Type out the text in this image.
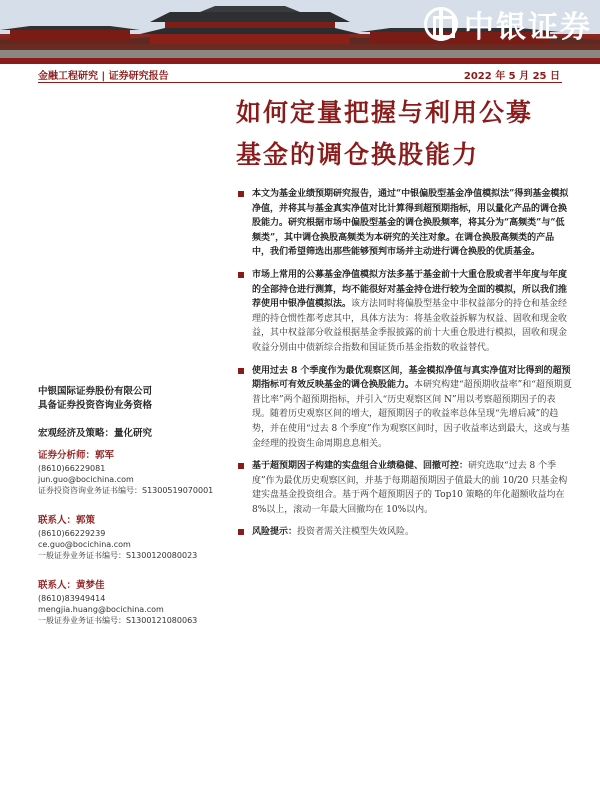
中银证券
金融工程研究 | 证券研究报告	2022 年 5 月 25 日
如何定量把握与利用公募
基金的调仓换股能力
本文为基金业绩预期研究报告，通过“中银偏股型基金净值模拟法”得到基金模拟净值，并将其与基金真实净值对比计算得到超预期指标，用以量化产品的调仓换股能力。研究根据市场中偏股型基金的调仓换股频率，将其分为“高频类”与“低频类”，其中调仓换股高频类为本研究的关注对象。在调仓换股高频类的产品中，我们希望筛选出那些能够预判市场并主动进行调仓换股的优质基金。
市场上常用的公募基金净值模拟方法多基于基金前十大重仓股或者半年度与年度的全部持仓进行测算，均不能很好对基金持仓进行较为全面的模拟，所以我们推荐使用中银净值模拟法。该方法同时将偏股型基金中非权益部分的持仓和基金经理的持仓惯性都考虑其中，具体方法为：将基金收益拆解为权益、固收和现金收益，其中权益部分收益根据基金季报披露的前十大重仓股进行模拟，固收和现金收益分别由中债新综合指数和国证货币基金指数的收益替代。
使用过去 8 个季度作为最优观察区间，基金模拟净值与真实净值对比得到的超预期指标可有效反映基金的调仓换股能力。本研究构建“超预期收益率”和“超预期夏普比率”两个超预期指标，并引入“历史观察区间 N”用以考察超预期因子的表现。随着历史观察区间的增大，超预期因子的收益率总体呈现“先增后减”的趋势，并在使用“过去 8 个季度”作为观察区间时，因子收益率达到最大，这或与基金经理的投资生命周期息息相关。
基于超预期因子构建的实盘组合业绩稳健、回撤可控：研究选取“过去 8 个季度”作为最优历史观察区间，并基于每期超预期因子值最大的前 10/20 只基金构建实盘基金投资组合。基于两个超预期因子的 Top10 策略的年化超额收益均在 8%以上，滚动一年最大回撤均在 10%以内。
风险提示：投资者需关注模型失效风险。
中银国际证券股份有限公司
具备证券投资咨询业务资格
宏观经济及策略：量化研究
证券分析师：郭军
(8610)66229081
jun.guo@bocichina.com
证券投资咨询业务证书编号：S1300519070001
联系人：郭策
(8610)66229239
ce.guo@bocichina.com
一般证券业务证书编号：S1300120080023
联系人：黄梦佳
(8610)83949414
mengjia.huang@bocichina.com
一般证券业务证书编号：S1300121080063
